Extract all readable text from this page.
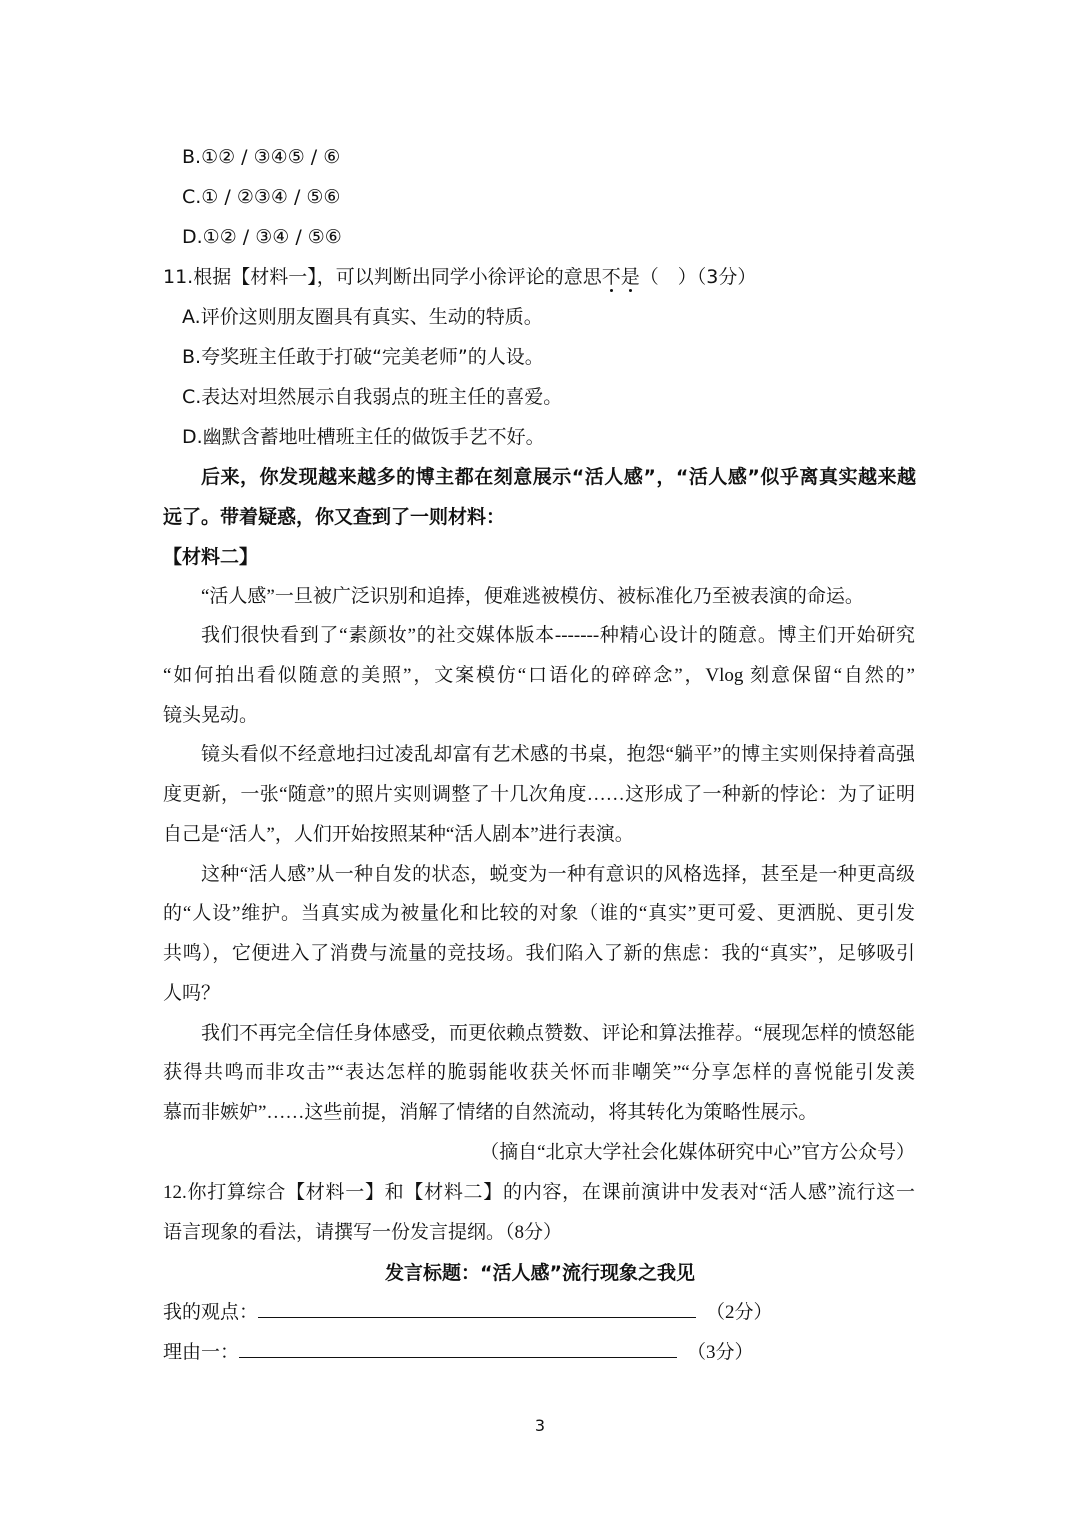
B.①② / ③④⑤ / ⑥
C.① / ②③④ / ⑤⑥
D.①② / ③④ / ⑤⑥
11.根据【材料一】，可以判断出同学小徐评论的意思不是（　）（3分）
A.评价这则朋友圈具有真实、生动的特质。
B.夸奖班主任敢于打破“完美老师”的人设。
C.表达对坦然展示自我弱点的班主任的喜爱。
D.幽默含蓄地吐槽班主任的做饭手艺不好。
后来，你发现越来越多的博主都在刻意展示“活人感”，“活人感”似乎离真实越来越
远了。带着疑惑，你又查到了一则材料：
【材料二】
“活人感”一旦被广泛识别和追捧，便难逃被模仿、被标准化乃至被表演的命运。
我们很快看到了“素颜妆”的社交媒体版本-------种精心设计的随意。博主们开始研究
“如何拍出看似随意的美照”，文案模仿“口语化的碎碎念”，Vlog 刻意保留“自然的”
镜头晃动。
镜头看似不经意地扫过凌乱却富有艺术感的书桌，抱怨“躺平”的博主实则保持着高强
度更新，一张“随意”的照片实则调整了十几次角度……这形成了一种新的悖论：为了证明
自己是“活人”，人们开始按照某种“活人剧本”进行表演。
这种“活人感”从一种自发的状态，蜕变为一种有意识的风格选择，甚至是一种更高级
的“人设”维护。当真实成为被量化和比较的对象（谁的“真实”更可爱、更洒脱、更引发
共鸣），它便进入了消费与流量的竞技场。我们陷入了新的焦虑：我的“真实”，足够吸引
人吗？
我们不再完全信任身体感受，而更依赖点赞数、评论和算法推荐。“展现怎样的愤怒能
获得共鸣而非攻击”“表达怎样的脆弱能收获关怀而非嘲笑”“分享怎样的喜悦能引发羡
慕而非嫉妒”……这些前提，消解了情绪的自然流动，将其转化为策略性展示。
（摘自“北京大学社会化媒体研究中心”官方公众号）
12.你打算综合【材料一】和【材料二】的内容，在课前演讲中发表对“活人感”流行这一
语言现象的看法，请撰写一份发言提纲。（8分）
发言标题：“活人感”流行现象之我见
我的观点：	（2分）
理由一：	（3分）
3
